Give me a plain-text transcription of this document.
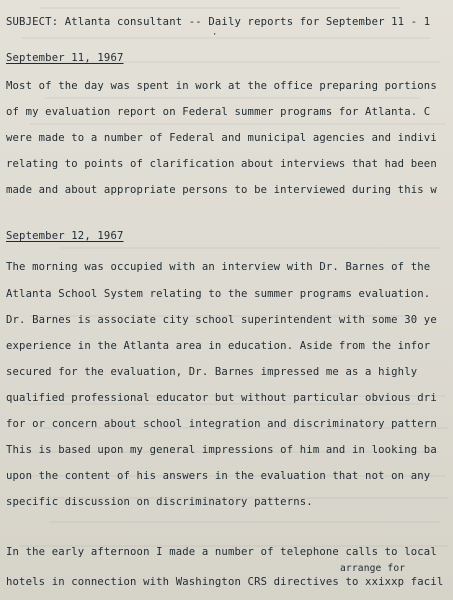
SUBJECT: Atlanta consultant -- Daily reports for September 11 - 1
·
September 11, 1967
Most of the day was spent in work at the office preparing portions
of my evaluation report on Federal summer programs for Atlanta. C
were made to a number of Federal and municipal agencies and indivi
relating to points of clarification about interviews that had been
made and about appropriate persons to be interviewed during this w
September 12, 1967
The morning was occupied with an interview with Dr. Barnes of the
Atlanta School System relating to the summer programs evaluation.
Dr. Barnes is associate city school superintendent with some 30 ye
experience in the Atlanta area in education. Aside from the infor
secured for the evaluation, Dr. Barnes impressed me as a highly
qualified professional educator but without particular obvious dri
for or concern about school integration and discriminatory pattern
This is based upon my general impressions of him and in looking ba
upon the content of his answers in the evaluation that not on any
specific discussion on discriminatory patterns.
In the early afternoon I made a number of telephone calls to local
arrange for
hotels in connection with Washington CRS directives to xxixxp facil
